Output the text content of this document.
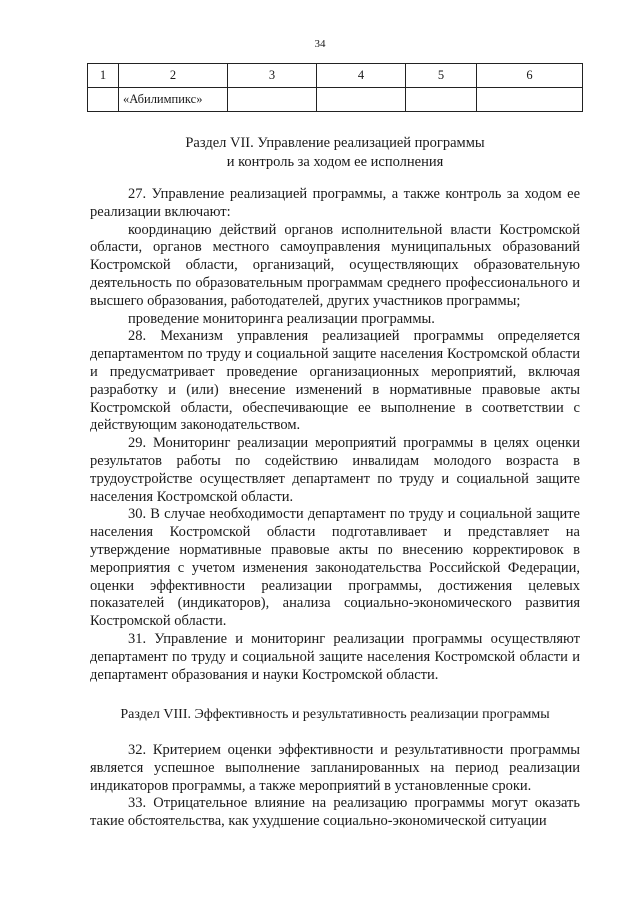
34
1	2	3	4	5	6
	«Абилимпикс»				
Раздел VII. Управление реализацией программы
и контроль за ходом ее исполнения

27. Управление реализацией программы, а также контроль за ходом ее реализации включают:

координацию действий органов исполнительной власти Костромской области, органов местного самоуправления муниципальных образований Костромской области, организаций, осуществляющих образовательную деятельность по образовательным программам среднего профессионального и высшего образования, работодателей, других участников программы;

проведение мониторинга реализации программы.

28. Механизм управления реализацией программы определяется департаментом по труду и социальной защите населения Костромской области и предусматривает проведение организационных мероприятий, включая разработку и (или) внесение изменений в нормативные правовые акты Костромской области, обеспечивающие ее выполнение в соответствии с действующим законодательством.

29. Мониторинг реализации мероприятий программы в целях оценки результатов работы по содействию инвалидам молодого возраста в трудоустройстве осуществляет департамент по труду и социальной защите населения Костромской области.

30. В случае необходимости департамент по труду и социальной защите населения Костромской области подготавливает и представляет на утверждение нормативные правовые акты по внесению корректировок в мероприятия с учетом изменения законодательства Российской Федерации, оценки эффективности реализации программы, достижения целевых показателей (индикаторов), анализа социально-экономического развития Костромской области.

31. Управление и мониторинг реализации программы осуществляют департамент по труду и социальной защите населения Костромской области и департамент образования и науки Костромской области.

Раздел VIII. Эффективность и результативность реализации программы

32. Критерием оценки эффективности и результативности программы является успешное выполнение запланированных на период реализации индикаторов программы, а также мероприятий в установленные сроки.

33. Отрицательное влияние на реализацию программы могут оказать такие обстоятельства, как ухудшение социально-экономической ситуации
